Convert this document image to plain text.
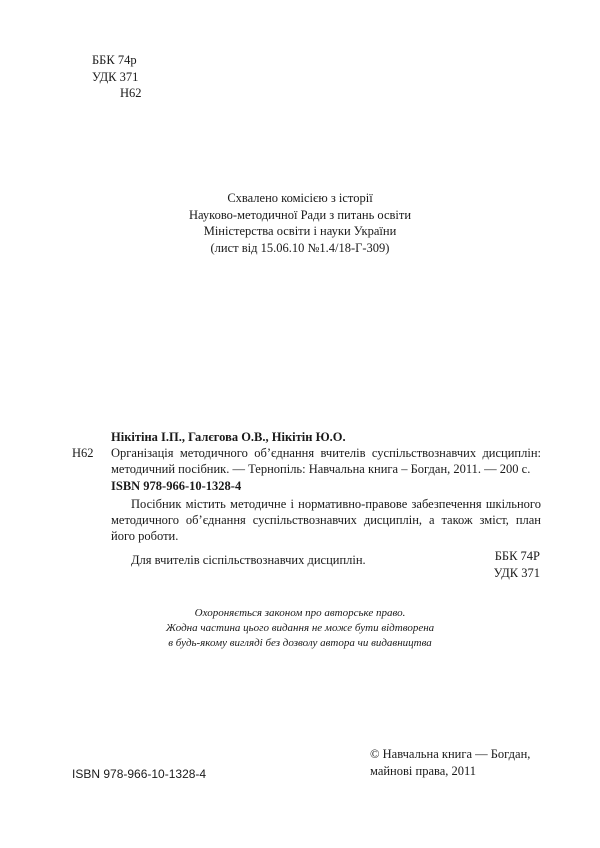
ББК 74р
УДК 371
Н62
Схвалено комісією з історії
Науково-методичної Ради з питань освіти
Міністерства освіти і науки України
(лист від 15.06.10 №1.4/18-Г-309)
Нікітіна І.П., Галєгова О.В., Нікітін Ю.О.
Н62 Організація методичного об’єднання вчителів суспільствознавчих дисциплін: методичний посібник. — Тернопіль: Навчальна книга – Богдан, 2011. — 200 с.
ISBN 978-966-10-1328-4

Посібник містить методичне і нормативно-правове забезпечення шкільного методичного об’єднання суспільствознавчих дисциплін, а також зміст, план його роботи.

Для вчителів сіспільствознавчих дисциплін.	ББК 74Р
УДК 371
Охороняється законом про авторське право.
Жодна частина цього видання не може бути відтворена
в будь-якому вигляді без дозволу автора чи видавництва
ISBN 978-966-10-1328-4
© Навчальна книга — Богдан,
майнові права, 2011
